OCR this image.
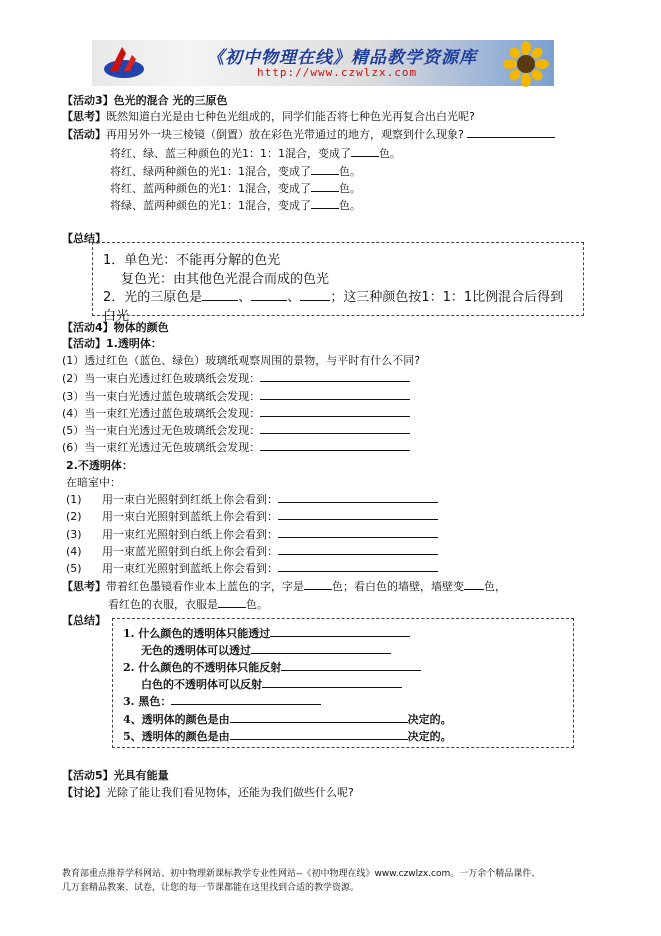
《初中物理在线》精品教学资源库
http://www.czwlzx.com
【活动3】色光的混合 光的三原色
【思考】既然知道白光是由七种色光组成的，同学们能否将七种色光再复合出白光呢?
【活动】再用另外一块三棱镜（倒置）放在彩色光带通过的地方，观察到什么现象?
将红、绿、蓝三种颜色的光1：1：1混合，变成了	色。
将红、绿两种颜色的光1：1混合，变成了	色。
将红、蓝两种颜色的光1：1混合，变成了	色。
将绿、蓝两种颜色的光1：1混合，变成了	色。
【总结】
1．单色光：不能再分解的色光
复色光：由其他色光混合而成的色光
2．光的三原色是	、	、 ；这三种颜色按1：1：1比例混合后得到
白光
【活动4】物体的颜色
【活动】1.透明体：
(1）透过红色（蓝色、绿色）玻璃纸观察周围的景物，与平时有什么不同?
(2）当一束白光透过红色玻璃纸会发现：
(3）当一束白光透过蓝色玻璃纸会发现：
(4）当一束红光透过蓝色玻璃纸会发现：
(5）当一束白光透过无色玻璃纸会发现：
(6）当一束红光透过无色玻璃纸会发现：
2.不透明体：
在暗室中：
(1) 用一束白光照射到红纸上你会看到：
(2) 用一束白光照射到蓝纸上你会看到：
(3) 用一束红光照射到白纸上你会看到：
(4) 用一束蓝光照射到白纸上你会看到：
(5) 用一束红光照射到蓝纸上你会看到：
【思考】带着红色墨镜看作业本上蓝色的字，字是	色；看白色的墙壁，墙壁变 色，
看红色的衣服，衣服是	色。
【总结】
1. 什么颜色的透明体只能透过
无色的透明体可以透过
2. 什么颜色的不透明体只能反射
白色的不透明体可以反射
3. 黑色：
4、透明体的颜色是由	决定的。
5、透明体的颜色是由	决定的。
【活动5】光具有能量
【讨论】光除了能让我们看见物体，还能为我们做些什么呢?
教育部重点推荐学科网站、初中物理新课标教学专业性网站--《初中物理在线》www.czwlzx.com。一万余个精品课件、
几万套精品教案、试卷，让您的每一节课都能在这里找到合适的教学资源。
